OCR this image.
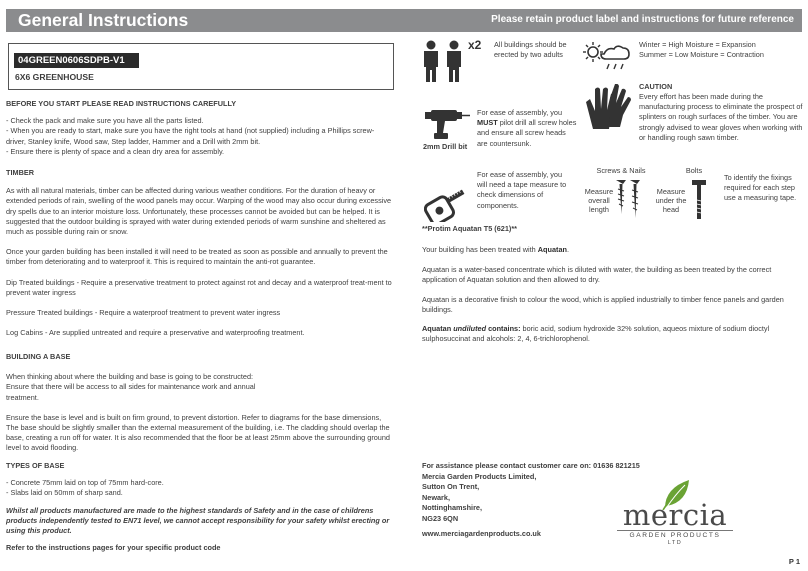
General Instructions	Please retain product label and instructions for future reference
04GREEN0606SDPB-V1
6X6 GREENHOUSE

BEFORE YOU START PLEASE READ INSTRUCTIONS CAREFULLY

- Check the pack and make sure you have all the parts listed.

- When you are ready to start, make sure you have the right tools at hand (not supplied) including a Phillips screw-driver, Stanley knife, Wood saw, Step ladder, Hammer and a Drill with 2mm bit.

- Ensure there is plenty of space and a clean dry area for assembly.

TIMBER

As with all natural materials, timber can be affected during various weather conditions. For the duration of heavy or extended periods of rain, swelling of the wood panels may occur. Warping of the wood may also occur during excessive dry spells due to an interior moisture loss. Unfortunately, these processes cannot be avoided but can be helped. It is suggested that the outdoor building is sprayed with water during extended periods of warm sunshine and sheltered as much as possible during rain or snow.

Once your garden building has been installed it will need to be treated as soon as possible and annually to prevent the timber from deteriorating and to waterproof it. This is required to maintain the anti-rot guarantee.

Dip Treated buildings - Require a preservative treatment to protect against rot and decay and a waterproof treat-ment to prevent water ingress

Pressure Treated buildings - Require a waterproof treatment to prevent water ingress

Log Cabins - Are supplied untreated and require a preservative and waterproofing treatment.

BUILDING A BASE

When thinking about where the building and base is going to be constructed: Ensure that there will be access to all sides for maintenance work and annual treatment.

Ensure the base is level and is built on firm ground, to prevent distortion. Refer to diagrams for the base dimensions, The base should be slightly smaller than the external measurement of the building, i.e. The cladding should overlap the base, creating a run off for water. It is also recommended that the floor be at least 25mm above the surrounding ground level to avoid flooding.

TYPES OF BASE

- Concrete 75mm laid on top of 75mm hard-core.

- Slabs laid on 50mm of sharp sand.

Whilst all products manufactured are made to the highest standards of Safety and in the case of childrens products independently tested to EN71 level, we cannot accept responsibility for your safety whilst erecting or using this product.

Refer to the instructions pages for your specific product code

x2 All buildings should be erected by two adults
Winter = High Moisture = Expansion
Summer = Low Moisture = Contraction
CAUTION
Every effort has been made during the manufacturing process to eliminate the prospect of splinters on rough surfaces of the timber. You are strongly advised to wear gloves when working with or handling rough sawn timber.
2mm Drill bit
For ease of assembly, you MUST pilot drill all screw holes and ensure all screw heads are countersunk.
For ease of assembly, you will need a tape measure to check dimensions of components.
Screws & Nails	Bolts
Measure overall length
Measure under the head
To identify the fixings required for each step use a measuring tape.
**Protim Aquatan T5 (621)**
Your building has been treated with Aquatan.
Aquatan is a water-based concentrate which is diluted with water, the building as been treated by the correct application of Aquatan solution and then allowed to dry.
Aquatan is a decorative finish to colour the wood, which is applied industrially to timber fence panels and garden buildings.
Aquatan undiluted contains: boric acid, sodium hydroxide 32% solution, aqueos mixture of sodium dioctyl sulphosuccinat and alcohols: 2, 4, 6-trichlorophenol.
For assistance please contact customer care on: 01636 821215
Mercia Garden Products Limited,
Sutton On Trent,
Newark,
Nottinghamshire,
NG23 6QN
www.merciagardenproducts.co.uk
mercia
GARDEN PRODUCTS
LTD
P 1
